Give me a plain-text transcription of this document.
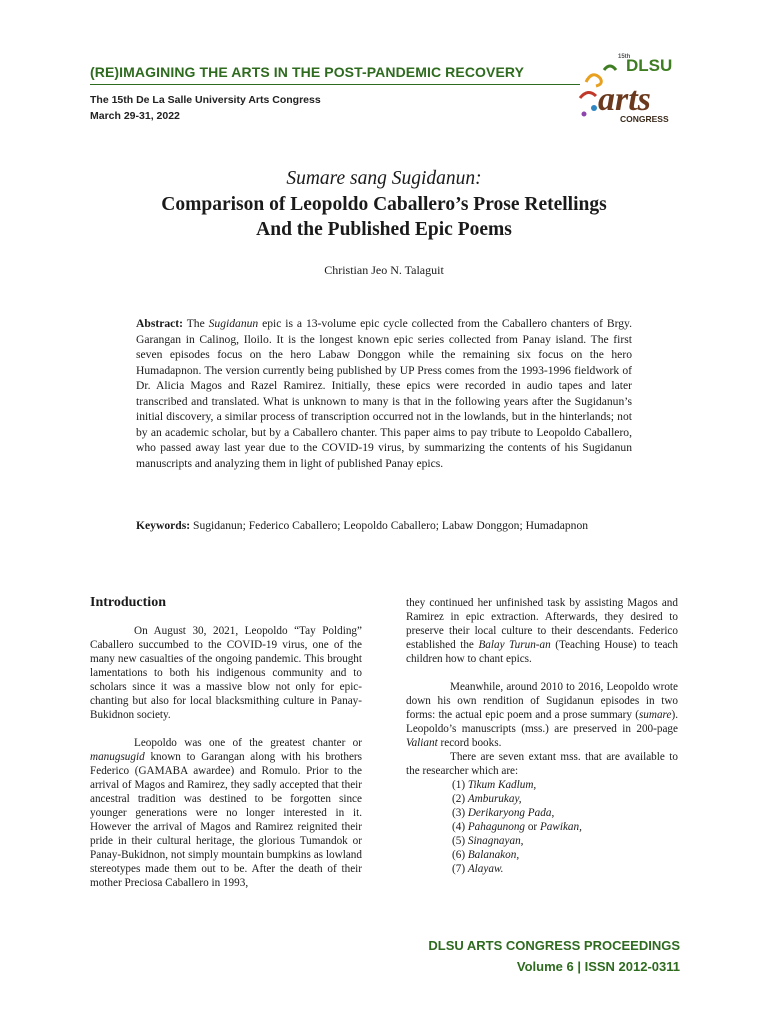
(RE)IMAGINING THE ARTS IN THE POST-PANDEMIC RECOVERY
The 15th De La Salle University Arts Congress
March 29-31, 2022
15th
DLSU
arts
CONGRESS
Sumare sang Sugidanun:
Comparison of Leopoldo Caballero’s Prose Retellings
And the Published Epic Poems
Christian Jeo N. Talaguit
Abstract: The Sugidanun epic is a 13-volume epic cycle collected from the Caballero chanters of Brgy. Garangan in Calinog, Iloilo. It is the longest known epic series collected from Panay island. The first seven episodes focus on the hero Labaw Donggon while the remaining six focus on the hero Humadapnon. The version currently being published by UP Press comes from the 1993-1996 fieldwork of Dr. Alicia Magos and Razel Ramirez. Initially, these epics were recorded in audio tapes and later transcribed and translated. What is unknown to many is that in the following years after the Sugidanun’s initial discovery, a similar process of transcription occurred not in the lowlands, but in the hinterlands; not by an academic scholar, but by a Caballero chanter. This paper aims to pay tribute to Leopoldo Caballero, who passed away last year due to the COVID-19 virus, by summarizing the contents of his Sugidanun manuscripts and analyzing them in light of published Panay epics.
Keywords: Sugidanun; Federico Caballero; Leopoldo Caballero; Labaw Donggon; Humadapnon
Introduction

On August 30, 2021, Leopoldo “Tay Polding” Caballero succumbed to the COVID-19 virus, one of the many new casualties of the ongoing pandemic. This brought lamentations to both his indigenous community and to scholars since it was a massive blow not only for epic-chanting but also for local blacksmithing culture in Panay-Bukidnon society.

Leopoldo was one of the greatest chanter or manugsugid known to Garangan along with his brothers Federico (GAMABA awardee) and Romulo. Prior to the arrival of Magos and Ramirez, they sadly accepted that their ancestral tradition was destined to be forgotten since younger generations were no longer interested in it. However the arrival of Magos and Ramirez reignited their pride in their cultural heritage, the glorious Tumandok or Panay-Bukidnon, not simply mountain bumpkins as lowland stereotypes made them out to be. After the death of their mother Preciosa Caballero in 1993,

they continued her unfinished task by assisting Magos and Ramirez in epic extraction. Afterwards, they desired to preserve their local culture to their descendants. Federico established the Balay Turun-an (Teaching House) to teach children how to chant epics.

Meanwhile, around 2010 to 2016, Leopoldo wrote down his own rendition of Sugidanun episodes in two forms: the actual epic poem and a prose summary (sumare). Leopoldo’s manuscripts (mss.) are preserved in 200-page Valiant record books.

There are seven extant mss. that are available to the researcher which are:

(1) Tikum Kadlum,
(2) Amburukay,
(3) Derikaryong Pada,
(4) Pahagunong or Pawikan,
(5) Sinagnayan,
(6) Balanakon,
(7) Alayaw.
DLSU ARTS CONGRESS PROCEEDINGS
Volume 6 | ISSN 2012-0311
